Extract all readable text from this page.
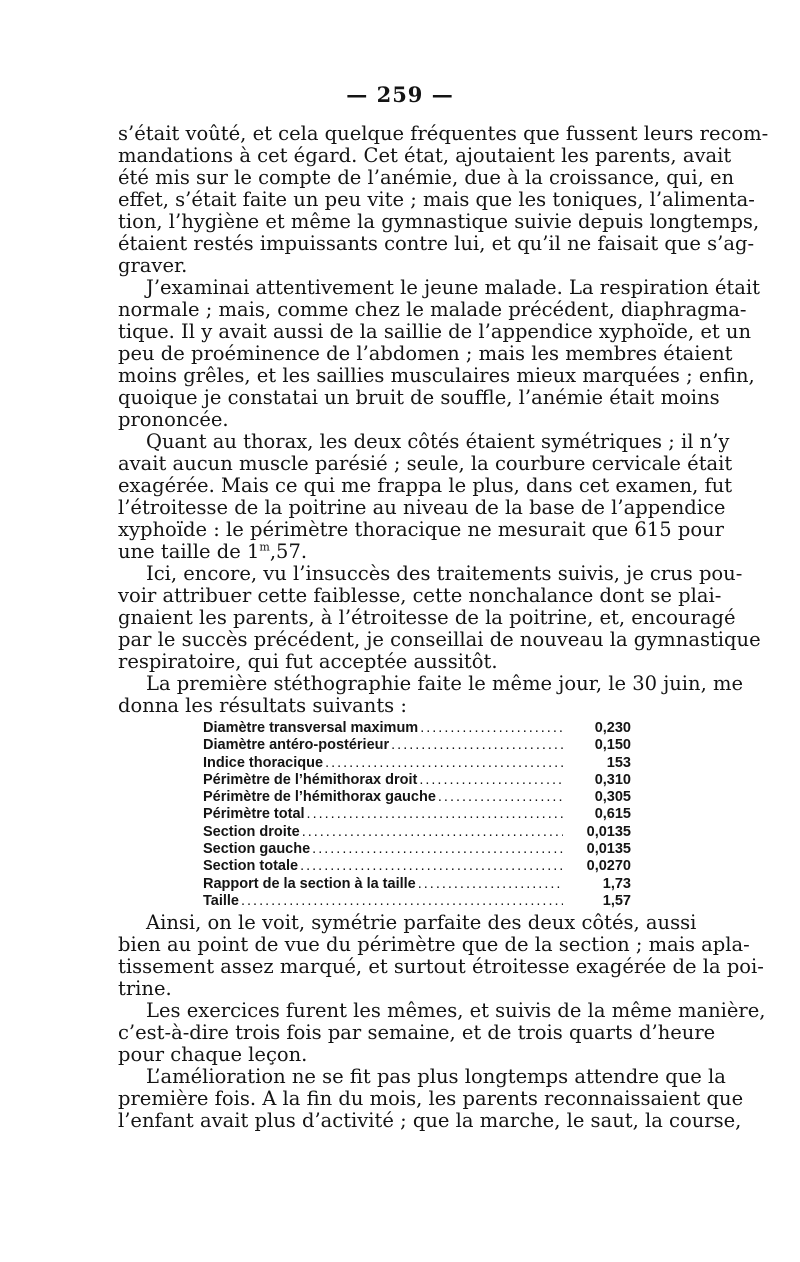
— 259 —
s’était voûté, et cela quelque fréquentes que fussent leurs recom-
mandations à cet égard. Cet état, ajoutaient les parents, avait
été mis sur le compte de l’anémie, due à la croissance, qui, en
effet, s’était faite un peu vite ; mais que les toniques, l’alimenta-
tion, l’hygiène et même la gymnastique suivie depuis longtemps,
étaient restés impuissants contre lui, et qu’il ne faisait que s’ag-
graver.
J’examinai attentivement le jeune malade. La respiration était
normale ; mais, comme chez le malade précédent, diaphragma-
tique. Il y avait aussi de la saillie de l’appendice xyphoïde, et un
peu de proéminence de l’abdomen ; mais les membres étaient
moins grêles, et les saillies musculaires mieux marquées ; enfin,
quoique je constatai un bruit de souffle, l’anémie était moins
prononcée.
Quant au thorax, les deux côtés étaient symétriques ; il n’y
avait aucun muscle parésié ; seule, la courbure cervicale était
exagérée. Mais ce qui me frappa le plus, dans cet examen, fut
l’étroitesse de la poitrine au niveau de la base de l’appendice
xyphoïde : le périmètre thoracique ne mesurait que 615 pour
une taille de 1$^m$,57.
Ici, encore, vu l’insuccès des traitements suivis, je crus pou-
voir attribuer cette faiblesse, cette nonchalance dont se plai-
gnaient les parents, à l’étroitesse de la poitrine, et, encouragé
par le succès précédent, je conseillai de nouveau la gymnastique
respiratoire, qui fut acceptée aussitôt.
La première stéthographie faite le même jour, le 30 juin, me
donna les résultats suivants :
Diamètre transversal maximum .....	0,230
Diamètre antéro-postérieur .....	0,150
Indice thoracique .....	153
Périmètre de l’hémithorax droit .....	0,310
Périmètre de l’hémithorax gauche .....	0,305
Périmètre total .....	0,615
Section droite .....	0,0135
Section gauche .....	0,0135
Section totale .....	0,0270
Rapport de la section à la taille .....	1,73
Taille .....	1,57
Ainsi, on le voit, symétrie parfaite des deux côtés, aussi
bien au point de vue du périmètre que de la section ; mais apla-
tissement assez marqué, et surtout étroitesse exagérée de la poi-
trine.
Les exercices furent les mêmes, et suivis de la même manière,
c’est-à-dire trois fois par semaine, et de trois quarts d’heure
pour chaque leçon.
L’amélioration ne se fit pas plus longtemps attendre que la
première fois. A la fin du mois, les parents reconnaissaient que
l’enfant avait plus d’activité ; que la marche, le saut, la course,
